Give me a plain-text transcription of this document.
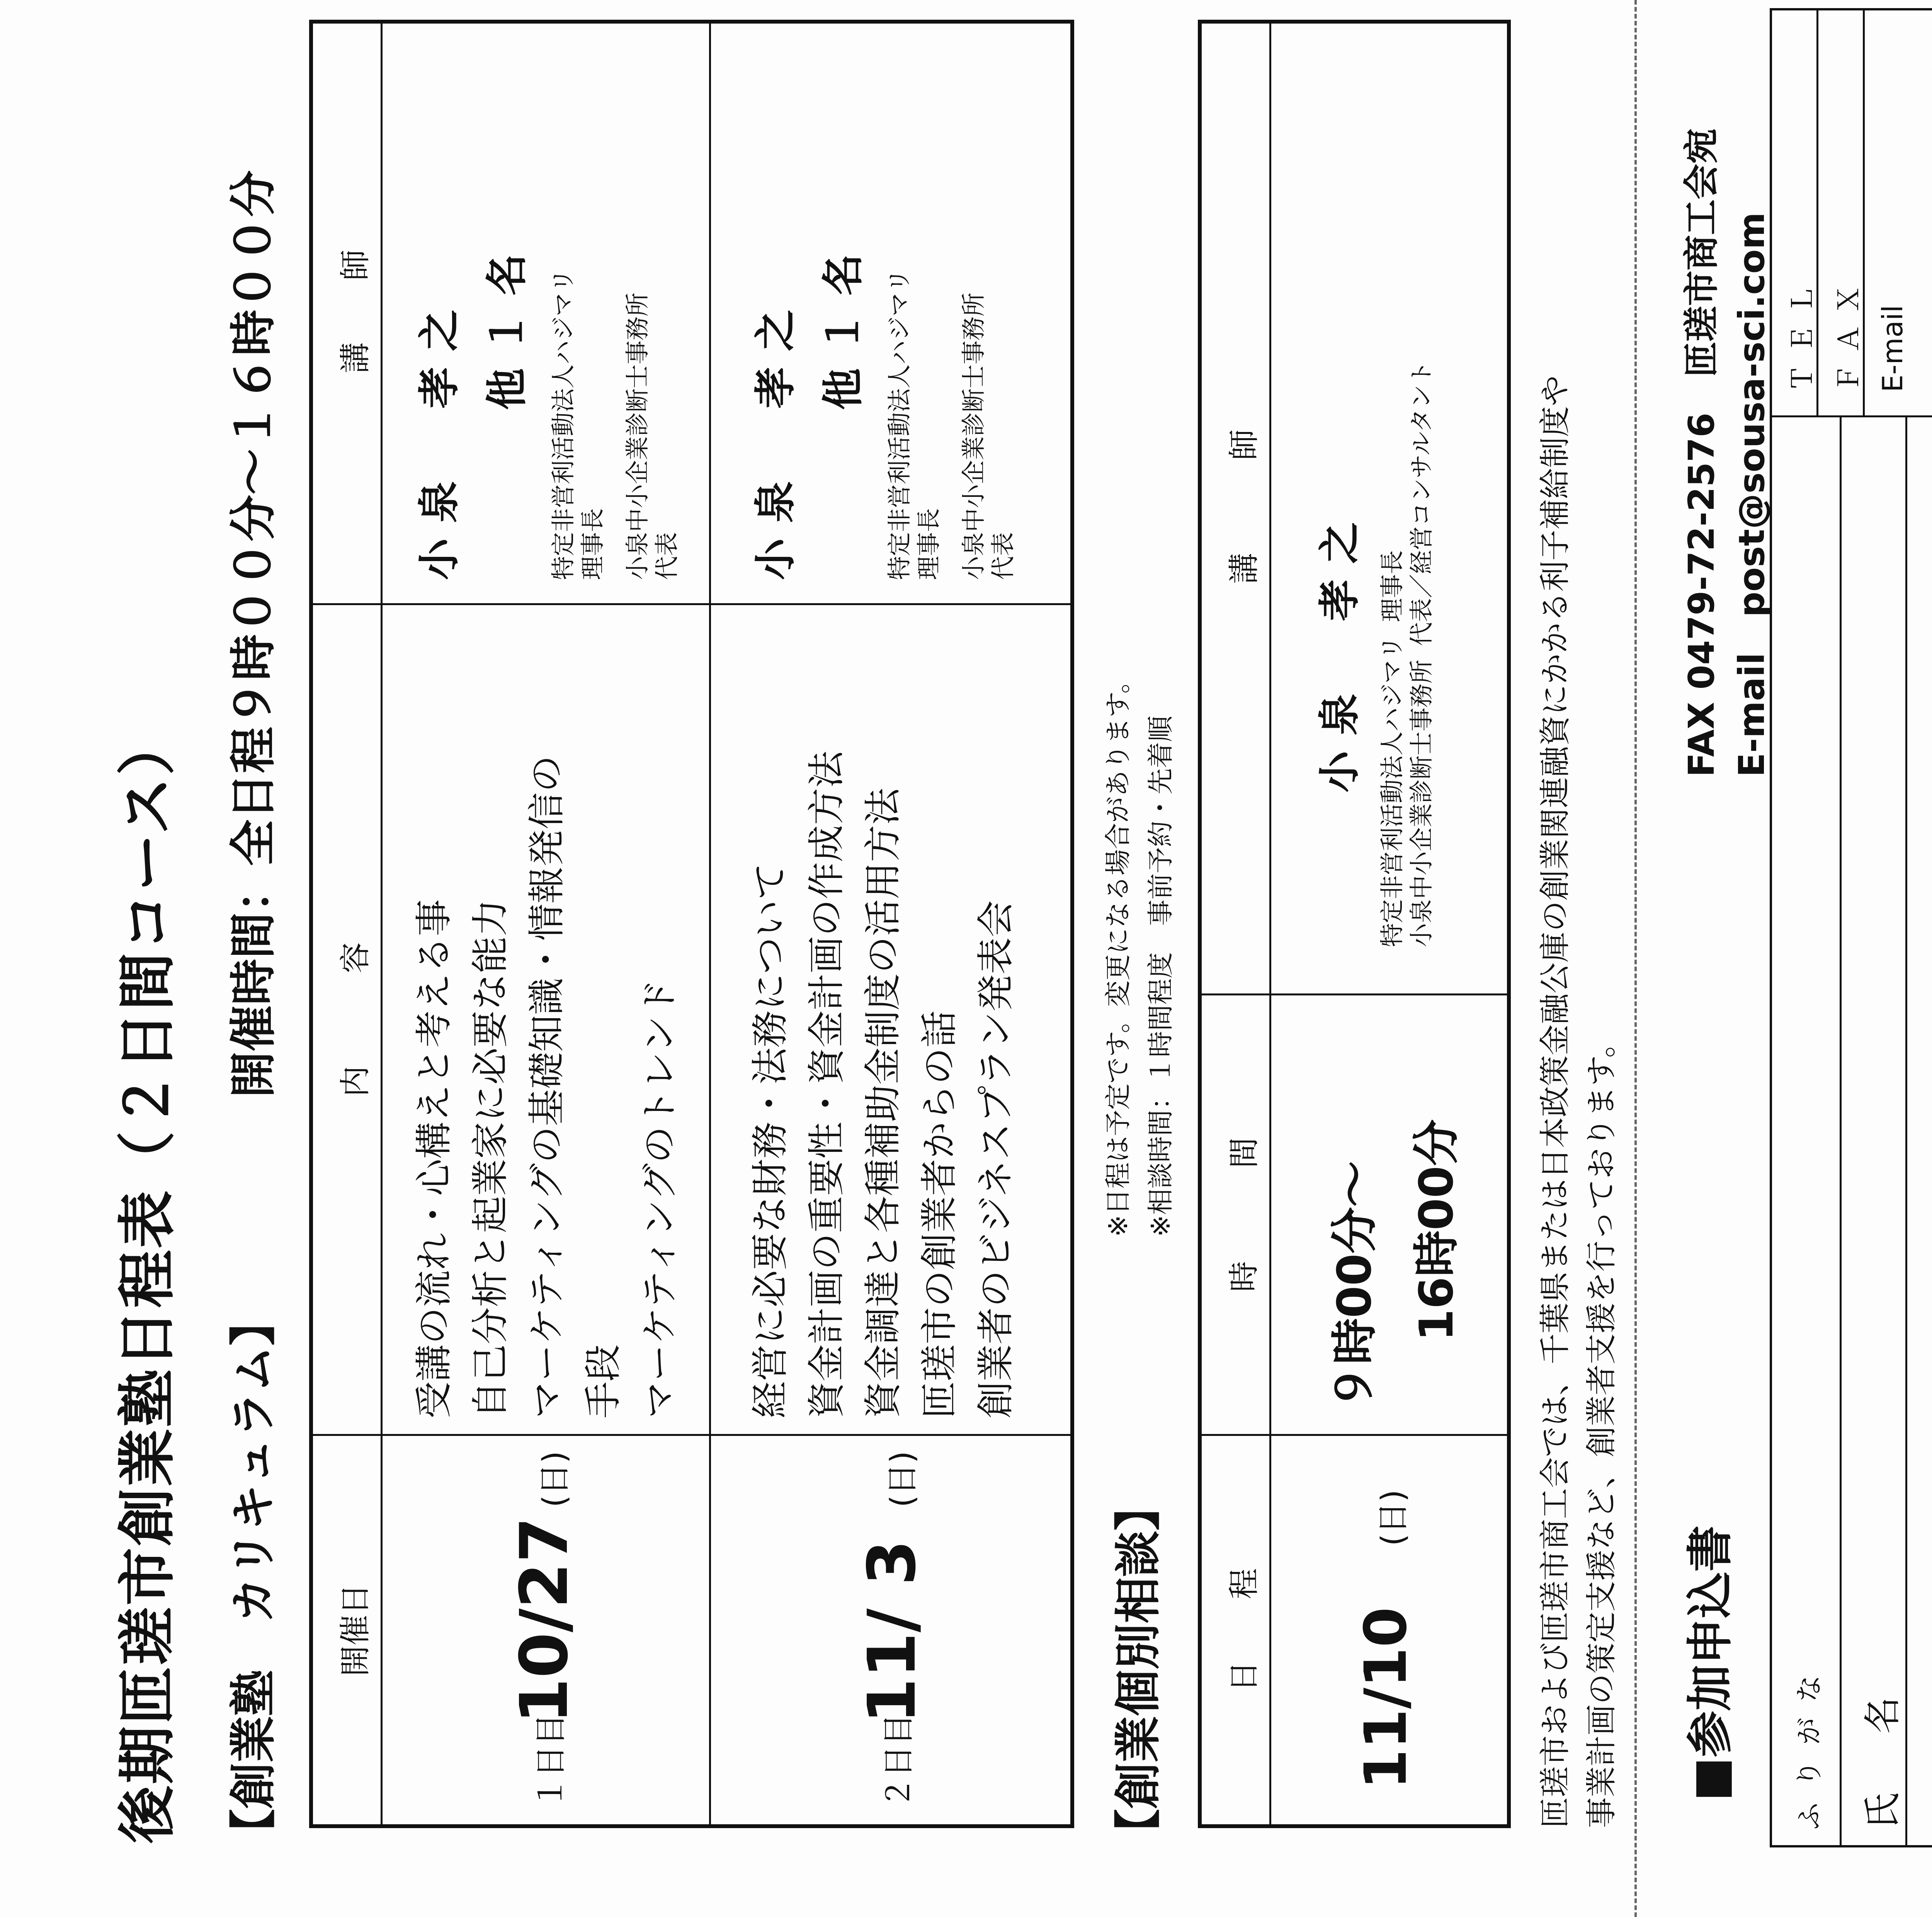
後期匝瑳市創業塾日程表（２日間コース） 【創業塾　カリキュラム】
開催時間：全日程９時００分～１６時００分
開催日
内　　　容
講　　師
１日目
10/27
(日)
受講の流れ・心構えと考える事 自己分析と起業家に必要な能力 マーケティングの基礎知識・情報発信の 手段 マーケティングのトレンド
小泉　孝之 他１名 特定非営利活動法人ハジマリ 理事長 小泉中小企業診断士事務所 代表
２日目
11/ 3
(日)
経営に必要な財務・法務について 資金計画の重要性・資金計画の作成方法 資金調達と各種補助金制度の活用方法 匝瑳市の創業者からの話 創業者のビジネスプラン発表会
小泉　孝之 他１名 特定非営利活動法人ハジマリ 理事長 小泉中小企業診断士事務所 代表
※日程は予定です。変更になる場合があります。 ※相談時間：１時間程度　事前予約・先着順
【創業個別相談】	日　　程
時　　　間
講　　　師
11/10
(日)
９時00分～ 16時00分
小泉　孝之 特定非営利活動法人ハジマリ 理事長
小泉中小企業診断士事務所 代表／経営コンサルタント	匝瑳市および匝瑳市商工会では、千葉県または日本政策金融公庫の創業関連融資にかかる利子補給制度や 事業計画の策定支援など、創業者支援を行っております。 ■参加申込書
FAX 0479-72-2576　匝瑳市商工会宛 E-mail　post@sousa-sci.com
ふりがな 氏　名
ＴＥＬ ＦＡＸ E-mail
